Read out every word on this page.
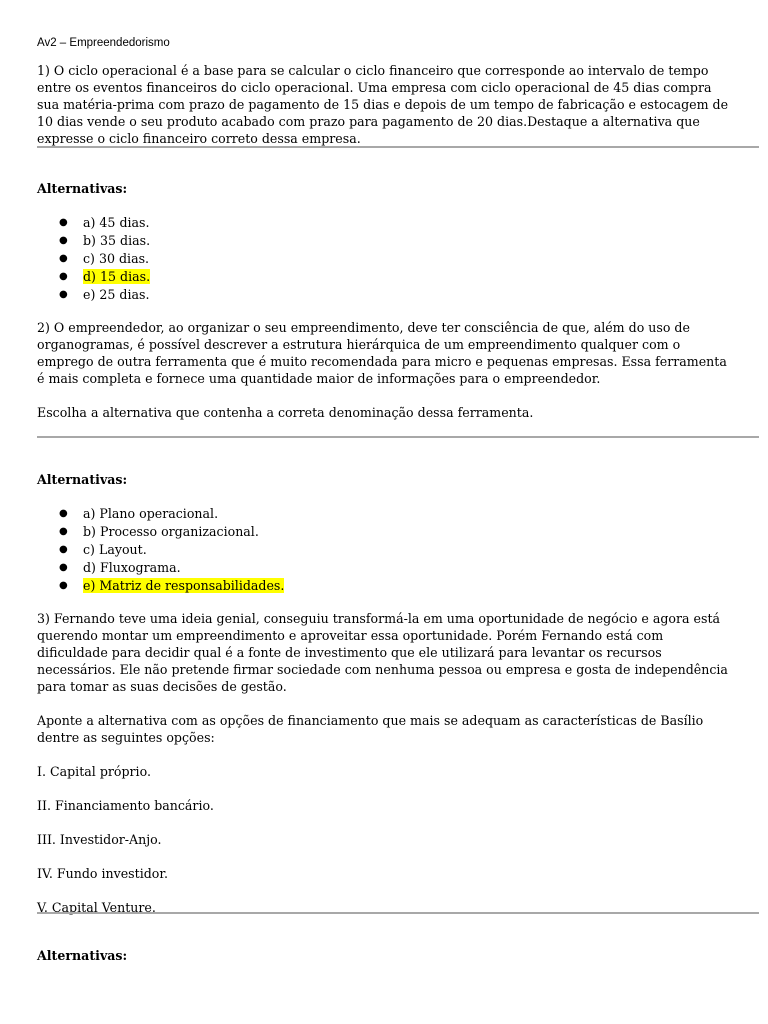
Av2 – Empreendedorismo

1) O ciclo operacional é a base para se calcular o ciclo financeiro que corresponde ao intervalo de tempo entre os eventos financeiros do ciclo operacional. Uma empresa com ciclo operacional de 45 dias compra sua matéria-prima com prazo de pagamento de 15 dias e depois de um tempo de fabricação e estocagem de 10 dias vende o seu produto acabado com prazo para pagamento de 20 dias.Destaque a alternativa que expresse o ciclo financeiro correto dessa empresa.

Alternativas:

● a) 45 dias.
● b) 35 dias.
● c) 30 dias.
● d) 15 dias.
● e) 25 dias.

2) O empreendedor, ao organizar o seu empreendimento, deve ter consciência de que, além do uso de organogramas, é possível descrever a estrutura hierárquica de um empreendimento qualquer com o emprego de outra ferramenta que é muito recomendada para micro e pequenas empresas. Essa ferramenta é mais completa e fornece uma quantidade maior de informações para o empreendedor.

Escolha a alternativa que contenha a correta denominação dessa ferramenta.

Alternativas:

● a) Plano operacional.
● b) Processo organizacional.
● c) Layout.
● d) Fluxograma.
● e) Matriz de responsabilidades.

3) Fernando teve uma ideia genial, conseguiu transformá-la em uma oportunidade de negócio e agora está querendo montar um empreendimento e aproveitar essa oportunidade. Porém Fernando está com dificuldade para decidir qual é a fonte de investimento que ele utilizará para levantar os recursos necessários. Ele não pretende firmar sociedade com nenhuma pessoa ou empresa e gosta de independência para tomar as suas decisões de gestão.

Aponte a alternativa com as opções de financiamento que mais se adequam as características de Basílio dentre as seguintes opções:

I. Capital próprio.

II. Financiamento bancário.

III. Investidor-Anjo.

IV. Fundo investidor.

V. Capital Venture.

Alternativas:
